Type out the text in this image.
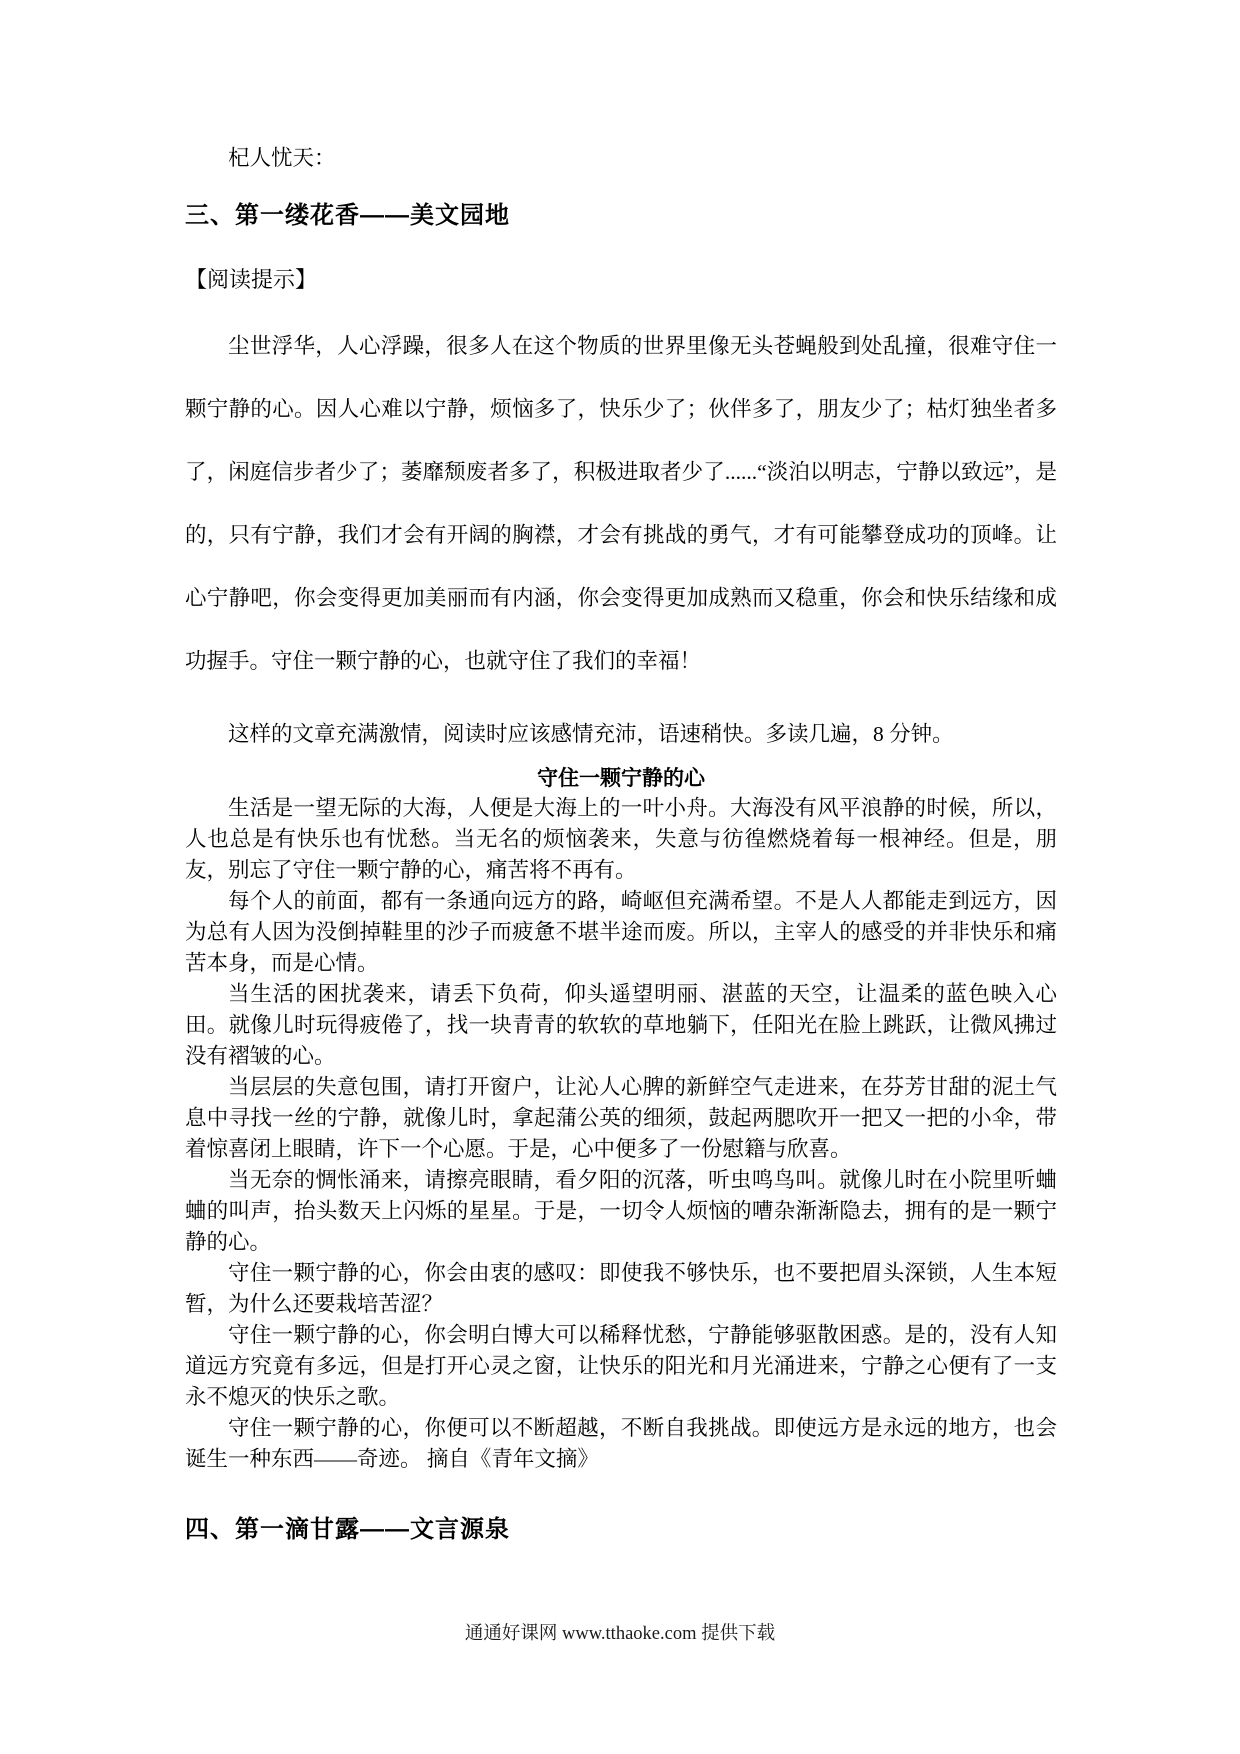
杞人忧天：

三、第一缕花香——美文园地

【阅读提示】

尘世浮华，人心浮躁，很多人在这个物质的世界里像无头苍蝇般到处乱撞，很难守住一颗宁静的心。因人心难以宁静，烦恼多了，快乐少了；伙伴多了，朋友少了；枯灯独坐者多了，闲庭信步者少了；萎靡颓废者多了，积极进取者少了......“淡泊以明志，宁静以致远”，是的，只有宁静，我们才会有开阔的胸襟，才会有挑战的勇气，才有可能攀登成功的顶峰。让心宁静吧，你会变得更加美丽而有内涵，你会变得更加成熟而又稳重，你会和快乐结缘和成功握手。守住一颗宁静的心，也就守住了我们的幸福！

这样的文章充满激情，阅读时应该感情充沛，语速稍快。多读几遍，8 分钟。

守住一颗宁静的心

生活是一望无际的大海，人便是大海上的一叶小舟。大海没有风平浪静的时候，所以，人也总是有快乐也有忧愁。当无名的烦恼袭来，失意与彷徨燃烧着每一根神经。但是，朋友，别忘了守住一颗宁静的心，痛苦将不再有。

每个人的前面，都有一条通向远方的路，崎岖但充满希望。不是人人都能走到远方，因为总有人因为没倒掉鞋里的沙子而疲惫不堪半途而废。所以，主宰人的感受的并非快乐和痛苦本身，而是心情。

当生活的困扰袭来，请丢下负荷，仰头遥望明丽、湛蓝的天空，让温柔的蓝色映入心田。就像儿时玩得疲倦了，找一块青青的软软的草地躺下，任阳光在脸上跳跃，让微风拂过没有褶皱的心。

当层层的失意包围，请打开窗户，让沁人心脾的新鲜空气走进来，在芬芳甘甜的泥土气息中寻找一丝的宁静，就像儿时，拿起蒲公英的细须，鼓起两腮吹开一把又一把的小伞，带着惊喜闭上眼睛，许下一个心愿。于是，心中便多了一份慰籍与欣喜。

当无奈的惆怅涌来，请擦亮眼睛，看夕阳的沉落，听虫鸣鸟叫。就像儿时在小院里听蛐蛐的叫声，抬头数天上闪烁的星星。于是，一切令人烦恼的嘈杂渐渐隐去，拥有的是一颗宁静的心。

守住一颗宁静的心，你会由衷的感叹：即使我不够快乐，也不要把眉头深锁，人生本短暂，为什么还要栽培苦涩？

守住一颗宁静的心，你会明白博大可以稀释忧愁，宁静能够驱散困惑。是的，没有人知道远方究竟有多远，但是打开心灵之窗，让快乐的阳光和月光涌进来，宁静之心便有了一支永不熄灭的快乐之歌。

守住一颗宁静的心，你便可以不断超越，不断自我挑战。即使远方是永远的地方，也会诞生一种东西——奇迹。 摘自《青年文摘》

四、第一滴甘露——文言源泉
通通好课网 www.tthaoke.com 提供下载
